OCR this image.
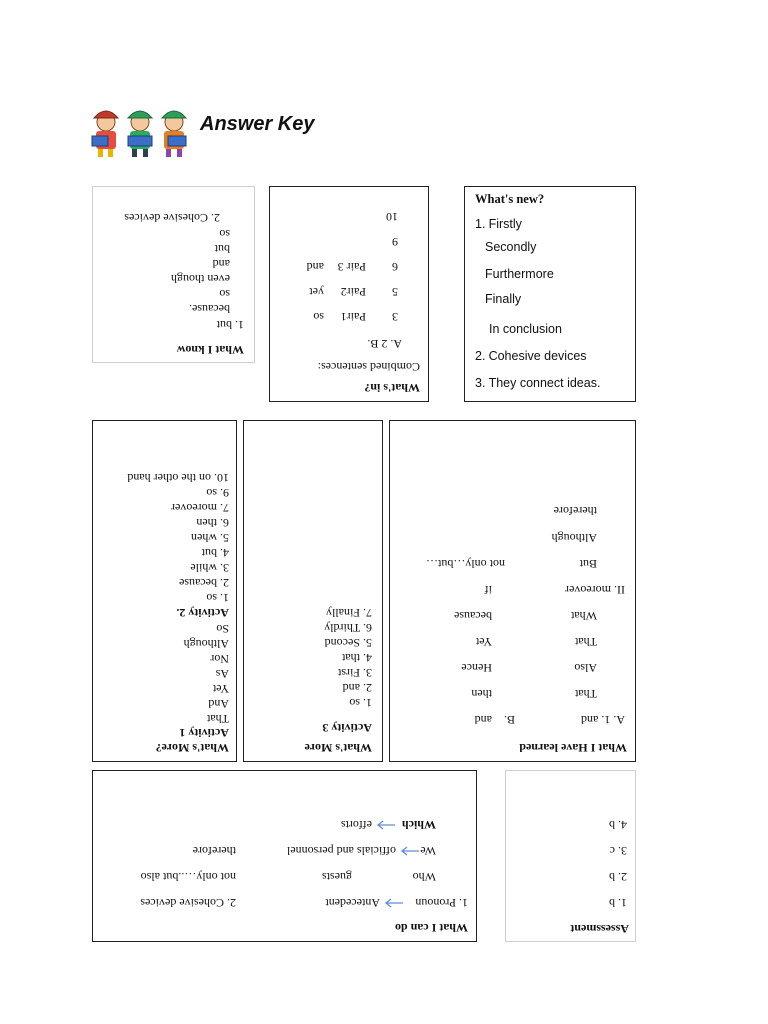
Answer Key
What I know
1. but
because.
so
even though
and
but
so
2. Cohesive devices
What's in?
Combined sentences:
A. 2 B.
3
Pair1
so
5
Pair2
yet
6
Pair 3
and
9
10
What's new?
1. Firstly
Secondly
Furthermore
Finally
In conclusion
2. Cohesive devices
3. They connect ideas.
What's More?
Activity 1
That
And
Yet
As
Nor
Although
So
Activity 2.
1. so
2. because
3. while
4. but
5. when
6. then
7. moreover
9. so
10. on the other hand
What's More
Activity 3
1. so
2. and
3. First
4. that
5. Second
6. Thirdly
7. Finally
What I Have learned
A. 1. and
B.
and
That
Also
That
What
II. moreover
But
Although
therefore
then
Hence
Yet
because
if
not only…but…
What I can do
1. Pronoun
Antecedent
2. Cohesive devices
Who
guests
not only…..but also
We
officials and personnel
therefore
Which
efforts
Assessment
1. b
2. b
3. c
4. b
